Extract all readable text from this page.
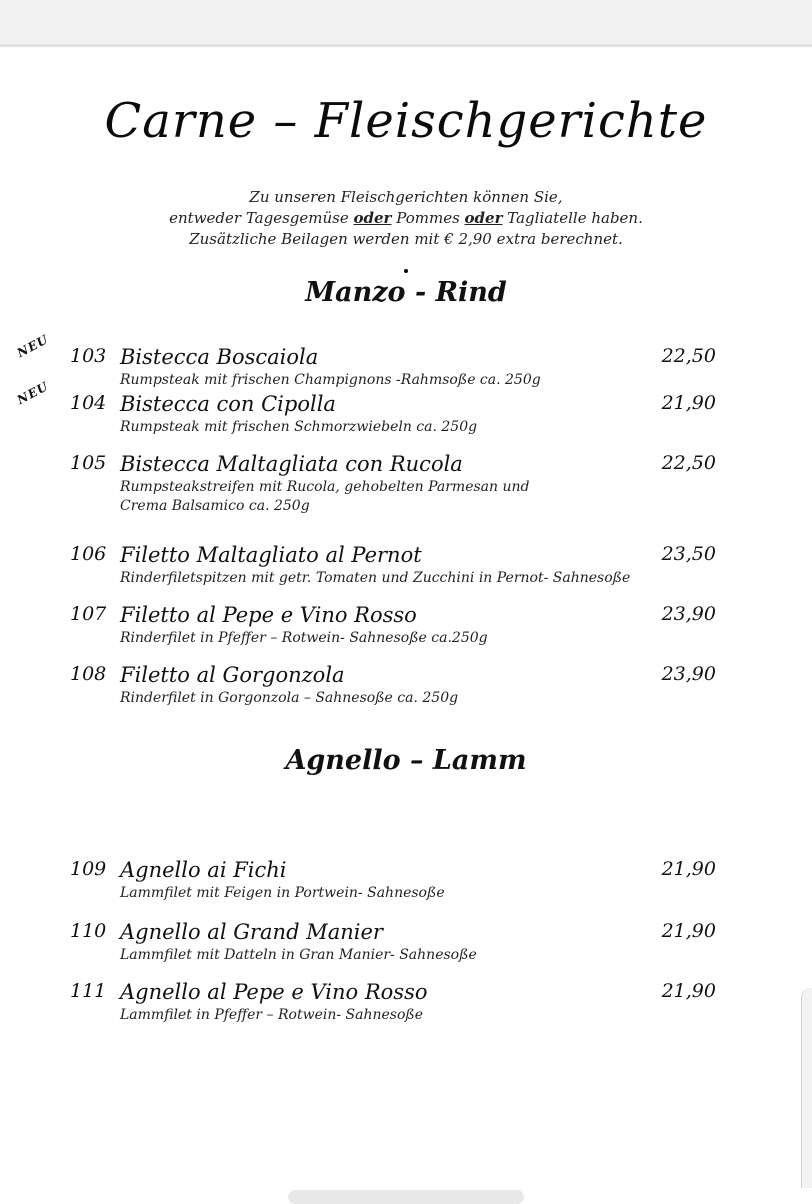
Carne – Fleischgerichte
Zu unseren Fleischgerichten können Sie,
entweder Tagesgemüse oder Pommes oder Tagliatelle haben.
Zusätzliche Beilagen werden mit € 2,90 extra berechnet.
Manzo - Rind
NEU 103 Bistecca Boscaiola	22,50
Rumpsteak mit frischen Champignons -Rahmsoße ca. 250g
NEU 104 Bistecca con Cipolla	21,90
Rumpsteak mit frischen Schmorzwiebeln ca. 250g
105 Bistecca Maltagliata con Rucola	22,50
Rumpsteakstreifen mit Rucola, gehobelten Parmesan und Crema Balsamico ca. 250g
106 Filetto Maltagliato al Pernot	23,50
Rinderfiletspitzen mit getr. Tomaten und Zucchini in Pernot- Sahnesoße
107 Filetto al Pepe e Vino Rosso	23,90
Rinderfilet in Pfeffer – Rotwein- Sahnesoße ca.250g
108 Filetto al Gorgonzola	23,90
Rinderfilet in Gorgonzola – Sahnesoße ca. 250g
Agnello – Lamm
109 Agnello ai Fichi	21,90
Lammfilet mit Feigen in Portwein- Sahnesoße
110 Agnello al Grand Manier	21,90
Lammfilet mit Datteln in Gran Manier- Sahnesoße
111 Agnello al Pepe e Vino Rosso	21,90
Lammfilet in Pfeffer – Rotwein- Sahnesoße
